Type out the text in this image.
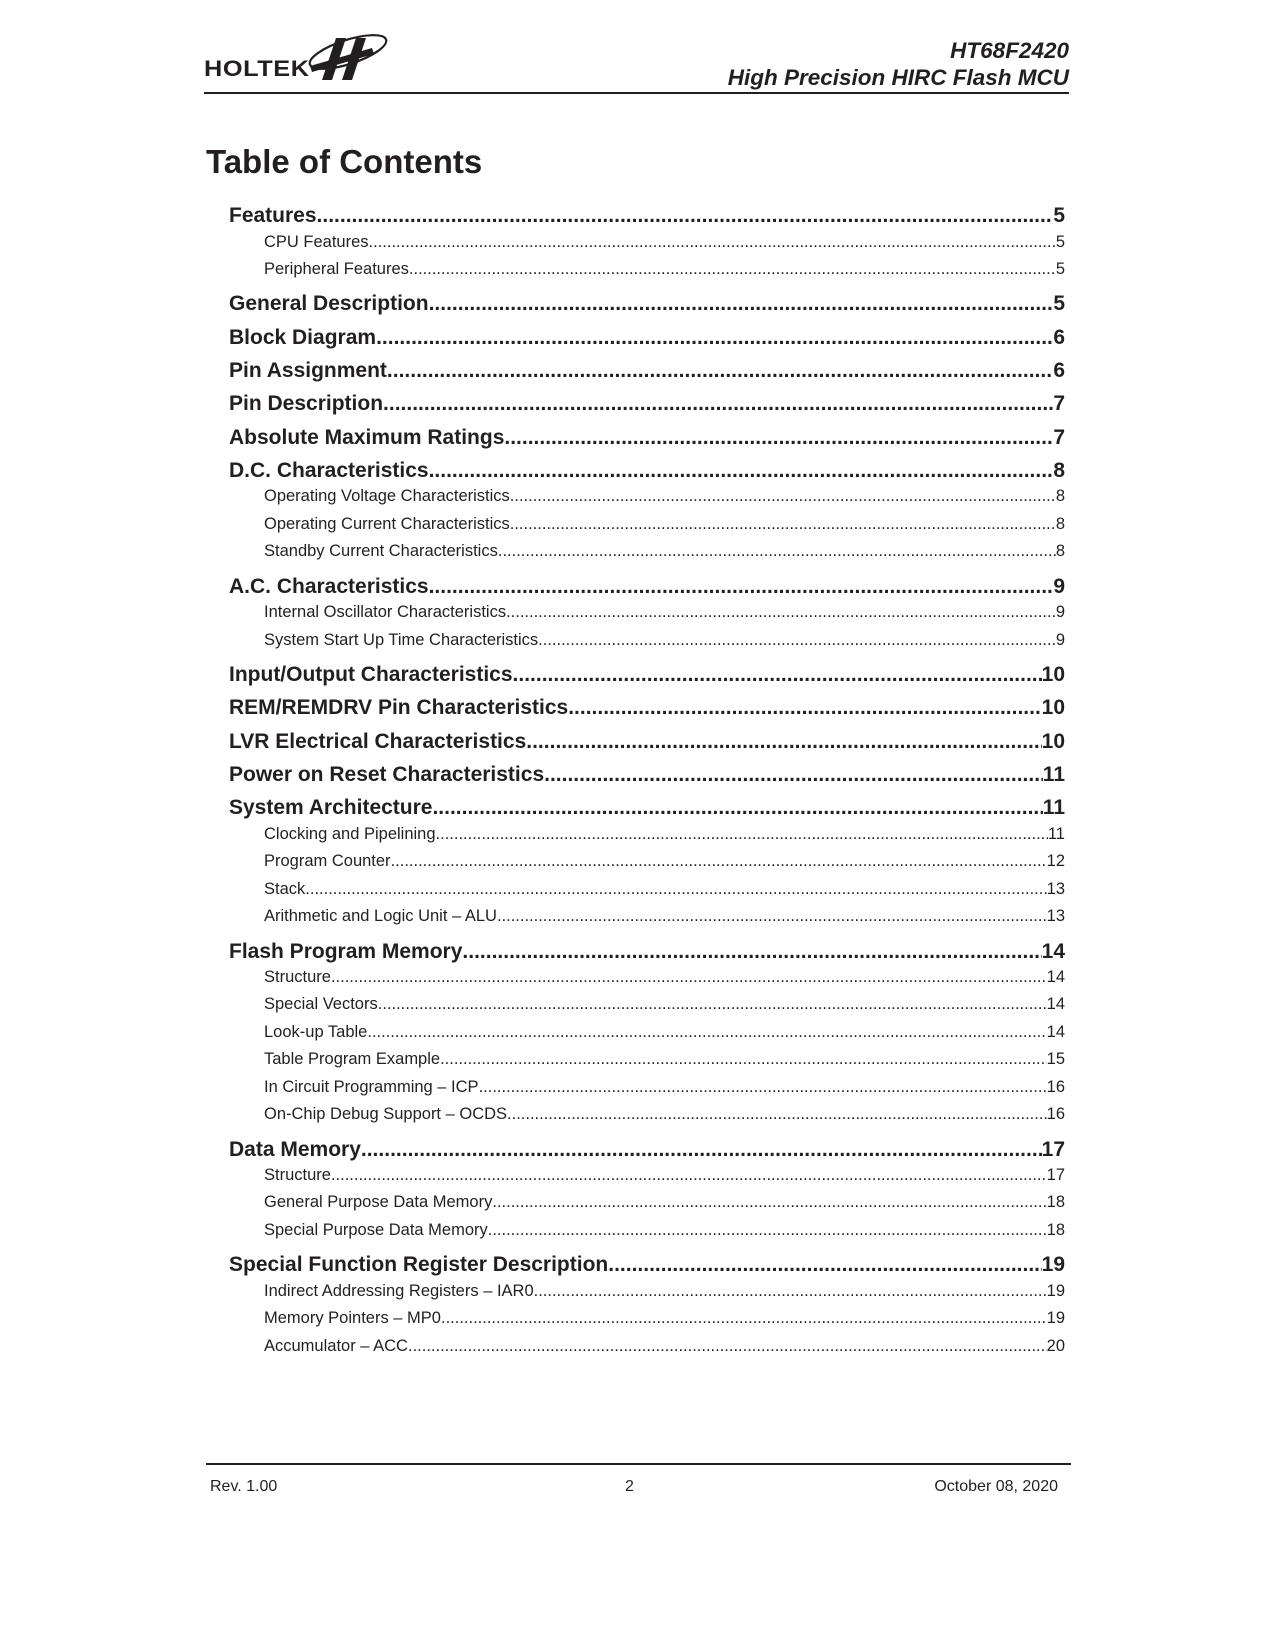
HOLTEK
HT68F2420
High Precision HIRC Flash MCU
Table of Contents
Features .....	5
CPU Features .....	5
Peripheral Features .....	5
General Description .....	5
Block Diagram .....	6
Pin Assignment .....	6
Pin Description .....	7
Absolute Maximum Ratings .....	7
D.C. Characteristics .....	8
Operating Voltage Characteristics .....	8
Operating Current Characteristics .....	8
Standby Current Characteristics .....	8
A.C. Characteristics .....	9
Internal Oscillator Characteristics .....	9
System Start Up Time Characteristics .....	9
Input/Output Characteristics .....	10
REM/REMDRV Pin Characteristics .....	10
LVR Electrical Characteristics .....	10
Power on Reset Characteristics .....	11
System Architecture .....	11
Clocking and Pipelining .....	11
Program Counter .....	12
Stack .....	13
Arithmetic and Logic Unit – ALU .....	13
Flash Program Memory .....	14
Structure .....	14
Special Vectors .....	14
Look-up Table .....	14
Table Program Example .....	15
In Circuit Programming – ICP .....	16
On-Chip Debug Support – OCDS .....	16
Data Memory .....	17
Structure .....	17
General Purpose Data Memory .....	18
Special Purpose Data Memory .....	18
Special Function Register Description .....	19
Indirect Addressing Registers – IAR0 .....	19
Memory Pointers – MP0 .....	19
Accumulator – ACC .....	20
Rev. 1.00	2	October 08, 2020
